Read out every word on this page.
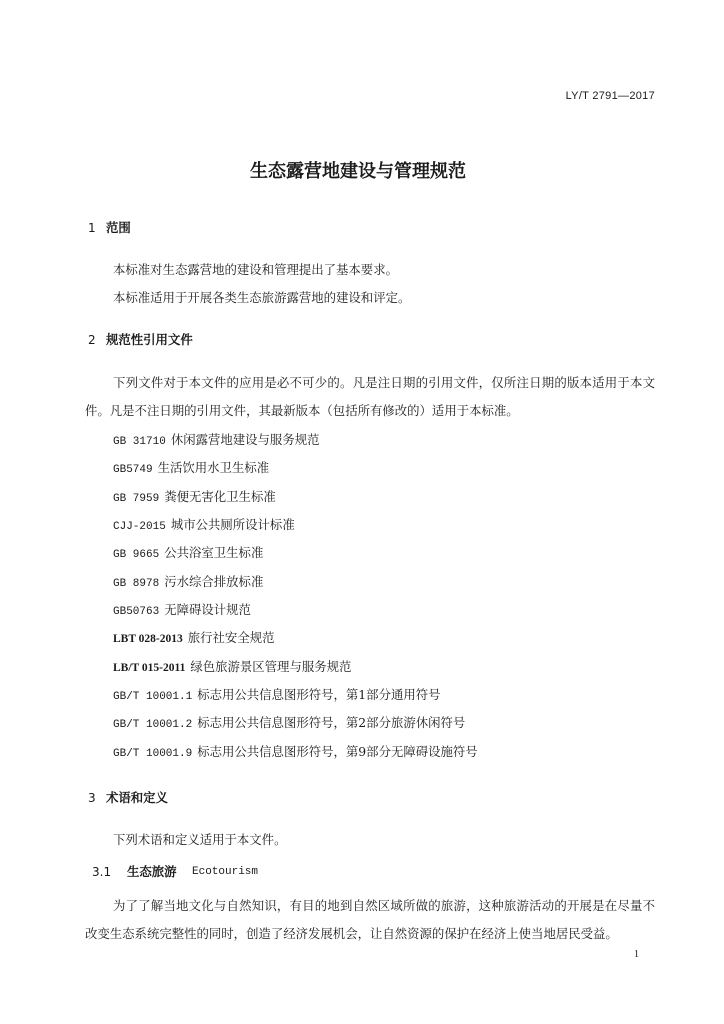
LY/T 2791—2017
生态露营地建设与管理规范
1 范围
本标准对生态露营地的建设和管理提出了基本要求。
本标准适用于开展各类生态旅游露营地的建设和评定。
2 规范性引用文件
下列文件对于本文件的应用是必不可少的。凡是注日期的引用文件，仅所注日期的版本适用于本文
件。凡是不注日期的引用文件，其最新版本（包括所有修改的）适用于本标准。
GB 31710 休闲露营地建设与服务规范
GB5749 生活饮用水卫生标准
GB 7959 粪便无害化卫生标准
CJJ-2015 城市公共厕所设计标准
GB 9665 公共浴室卫生标准
GB 8978 污水综合排放标准
GB50763 无障碍设计规范
LBT 028-2013 旅行社安全规范
LB/T 015-2011 绿色旅游景区管理与服务规范
GB/T 10001.1 标志用公共信息图形符号，第1部分通用符号
GB/T 10001.2 标志用公共信息图形符号，第2部分旅游休闲符号
GB/T 10001.9 标志用公共信息图形符号，第9部分无障碍设施符号
3 术语和定义
下列术语和定义适用于本文件。
3.1 生态旅游 Ecotourism
为了了解当地文化与自然知识，有目的地到自然区域所做的旅游，这种旅游活动的开展是在尽量不
改变生态系统完整性的同时，创造了经济发展机会，让自然资源的保护在经济上使当地居民受益。
1
